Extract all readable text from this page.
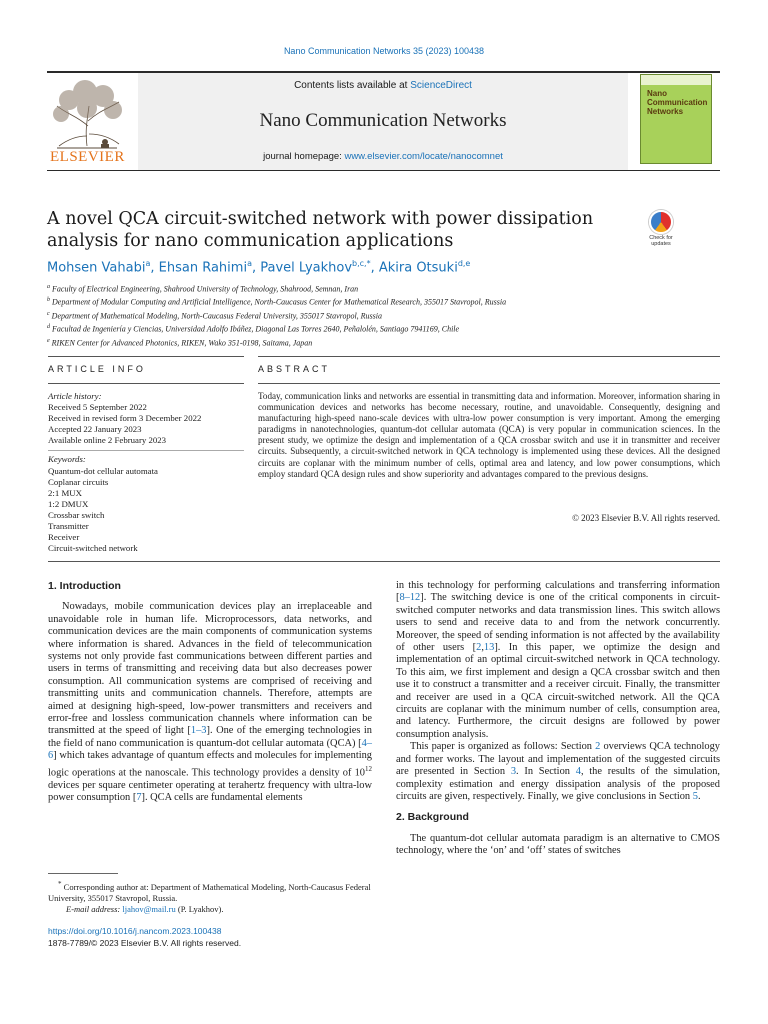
Nano Communication Networks 35 (2023) 100438
ELSEVIER
Contents lists available at ScienceDirect
Nano Communication Networks
journal homepage: www.elsevier.com/locate/nanocomnet
Nano Communication Networks
A novel QCA circuit-switched network with power dissipation analysis for nano communication applications	Check for updates
Mohsen Vahabi$^a$, Ehsan Rahimi$^a$, Pavel Lyakhov$^{b,c,*}$, Akira Otsuki$^{d,e}$
$^a$ Faculty of Electrical Engineering, Shahrood University of Technology, Shahrood, Semnan, Iran
$^b$ Department of Modular Computing and Artificial Intelligence, North-Caucasus Center for Mathematical Research, 355017 Stavropol, Russia
$^c$ Department of Mathematical Modeling, North-Caucasus Federal University, 355017 Stavropol, Russia
$^d$ Facultad de Ingeniería y Ciencias, Universidad Adolfo Ibáñez, Diagonal Las Torres 2640, Peñalolén, Santiago 7941169, Chile
$^e$ RIKEN Center for Advanced Photonics, RIKEN, Wako 351-0198, Saitama, Japan
ARTICLE INFO	ABSTRACT
Article history:
Received 5 September 2022
Received in revised form 3 December 2022
Accepted 22 January 2023
Available online 2 February 2023
Keywords:
Quantum-dot cellular automata
Coplanar circuits
2:1 MUX
1:2 DMUX
Crossbar switch
Transmitter
Receiver
Circuit-switched network
Today, communication links and networks are essential in transmitting data and information. Moreover, information sharing in communication devices and networks has become necessary, routine, and unavoidable. Consequently, designing and manufacturing high-speed nano-scale devices with ultra-low power consumption is very important. Among the emerging paradigms in nanotechnologies, quantum-dot cellular automata (QCA) is very popular in communication sciences. In the present study, we optimize the design and implementation of a QCA crossbar switch and use it in transmitter and receiver circuits. Subsequently, a circuit-switched network in QCA technology is implemented using these devices. All the designed circuits are coplanar with the minimum number of cells, optimal area and latency, and low power consumptions, which employ standard QCA design rules and show superiority and advantages compared to the previous designs.
© 2023 Elsevier B.V. All rights reserved.
1. Introduction

Nowadays, mobile communication devices play an irreplaceable and unavoidable role in human life. Microprocessors, data networks, and communication devices are the main components of communication systems where information is shared. Advances in the field of telecommunication systems not only provide fast communications between different parties and users in terms of transmitting and receiving data but also decreases power consumption. All communication systems are comprised of receiving and transmitting units and communication channels. Therefore, attempts are aimed at designing high-speed, low-power transmitters and receivers and error-free and lossless communication channels where information can be transmitted at the speed of light [1–3]. One of the emerging technologies in the field of nano communication is quantum-dot cellular automata (QCA) [4–6] which takes advantage of quantum effects and molecules for implementing logic operations at the nanoscale. This technology provides a density of $10^{12}$ devices per square centimeter operating at terahertz frequency with ultra-low power consumption [7]. QCA cells are fundamental elements

in this technology for performing calculations and transferring information [8–12]. The switching device is one of the critical components in circuit-switched computer networks and data transmission lines. This switch allows users to send and receive data to and from the network concurrently. Moreover, the speed of sending information is not affected by the availability of other users [2,13]. In this paper, we optimize the design and implementation of an optimal circuit-switched network in QCA technology. To this aim, we first implement and design a QCA crossbar switch and then use it to construct a transmitter and a receiver circuit. Finally, the transmitter and receiver are used in a QCA circuit-switched network. All the QCA circuits are coplanar with the minimum number of cells, consumption area, and latency. Furthermore, the circuit designs are followed by power consumption analysis.

This paper is organized as follows: Section 2 overviews QCA technology and former works. The layout and implementation of the suggested circuits are presented in Section 3. In Section 4, the results of the simulation, complexity estimation and energy dissipation analysis of the proposed circuits are given, respectively. Finally, we give conclusions in Section 5.

2. Background

The quantum-dot cellular automata paradigm is an alternative to CMOS technology, where the ‘on’ and ‘off’ states of switches

* Corresponding author at: Department of Mathematical Modeling, North-Caucasus Federal University, 355017 Stavropol, Russia.
E-mail address: ljahov@mail.ru (P. Lyakhov).
https://doi.org/10.1016/j.nancom.2023.100438
1878-7789/© 2023 Elsevier B.V. All rights reserved.
